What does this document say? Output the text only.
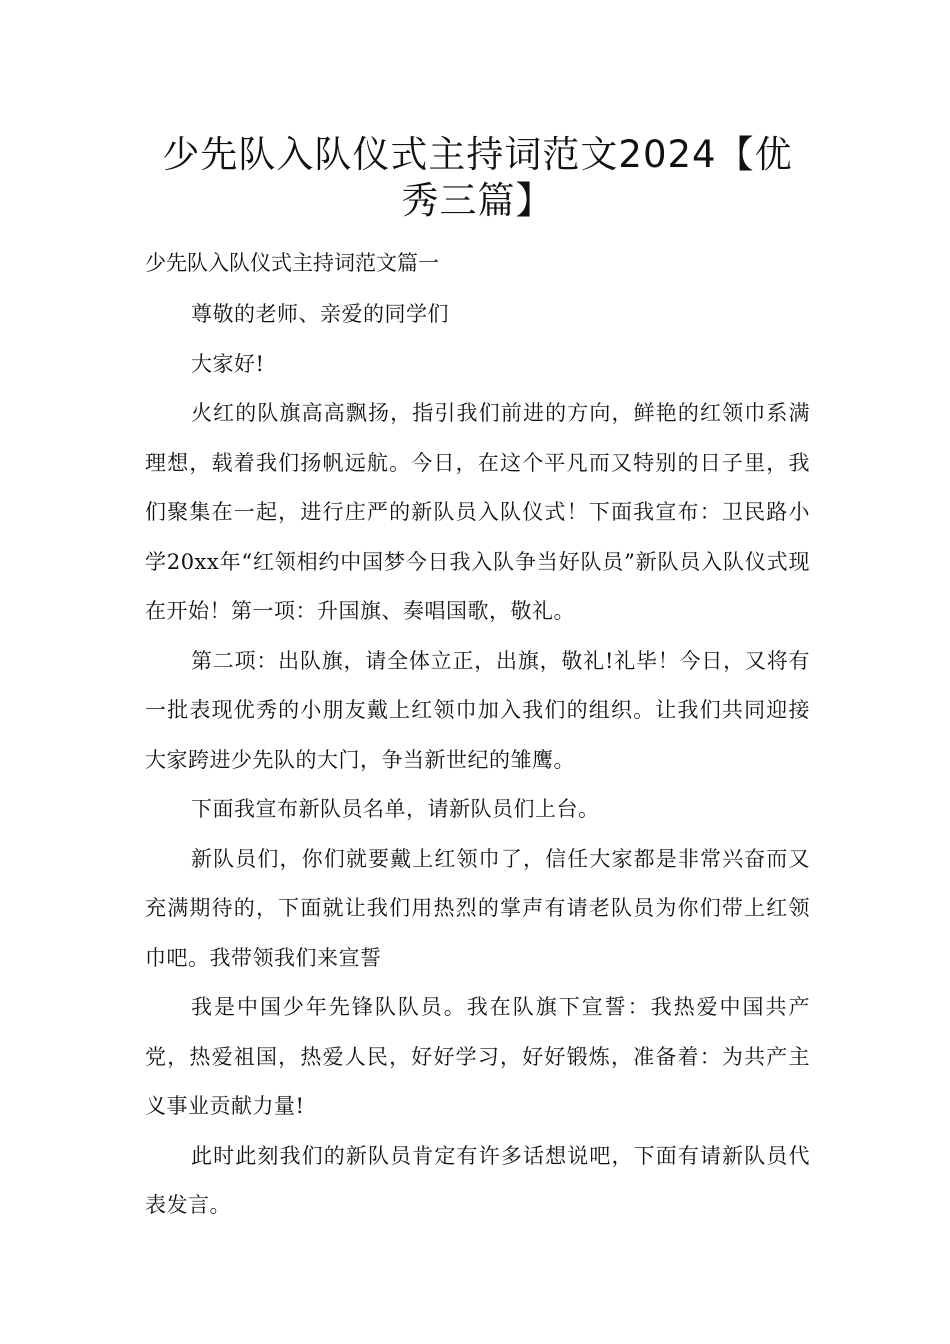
少先队入队仪式主持词范文2024【优秀三篇】
少先队入队仪式主持词范文篇一

尊敬的老师、亲爱的同学们

大家好!

火红的队旗高高飘扬，指引我们前进的方向，鲜艳的红领巾系满理想，载着我们扬帆远航。今日，在这个平凡而又特别的日子里，我们聚集在一起，进行庄严的新队员入队仪式！下面我宣布：卫民路小学20xx年“红领相约中国梦今日我入队争当好队员”新队员入队仪式现在开始！第一项：升国旗、奏唱国歌，敬礼。

第二项：出队旗，请全体立正，出旗，敬礼!礼毕！今日，又将有一批表现优秀的小朋友戴上红领巾加入我们的组织。让我们共同迎接大家跨进少先队的大门，争当新世纪的雏鹰。

下面我宣布新队员名单，请新队员们上台。

新队员们，你们就要戴上红领巾了，信任大家都是非常兴奋而又充满期待的，下面就让我们用热烈的掌声有请老队员为你们带上红领巾吧。我带领我们来宣誓

我是中国少年先锋队队员。我在队旗下宣誓：我热爱中国共产党，热爱祖国，热爱人民，好好学习，好好锻炼，准备着：为共产主义事业贡献力量!

此时此刻我们的新队员肯定有许多话想说吧，下面有请新队员代表发言。
